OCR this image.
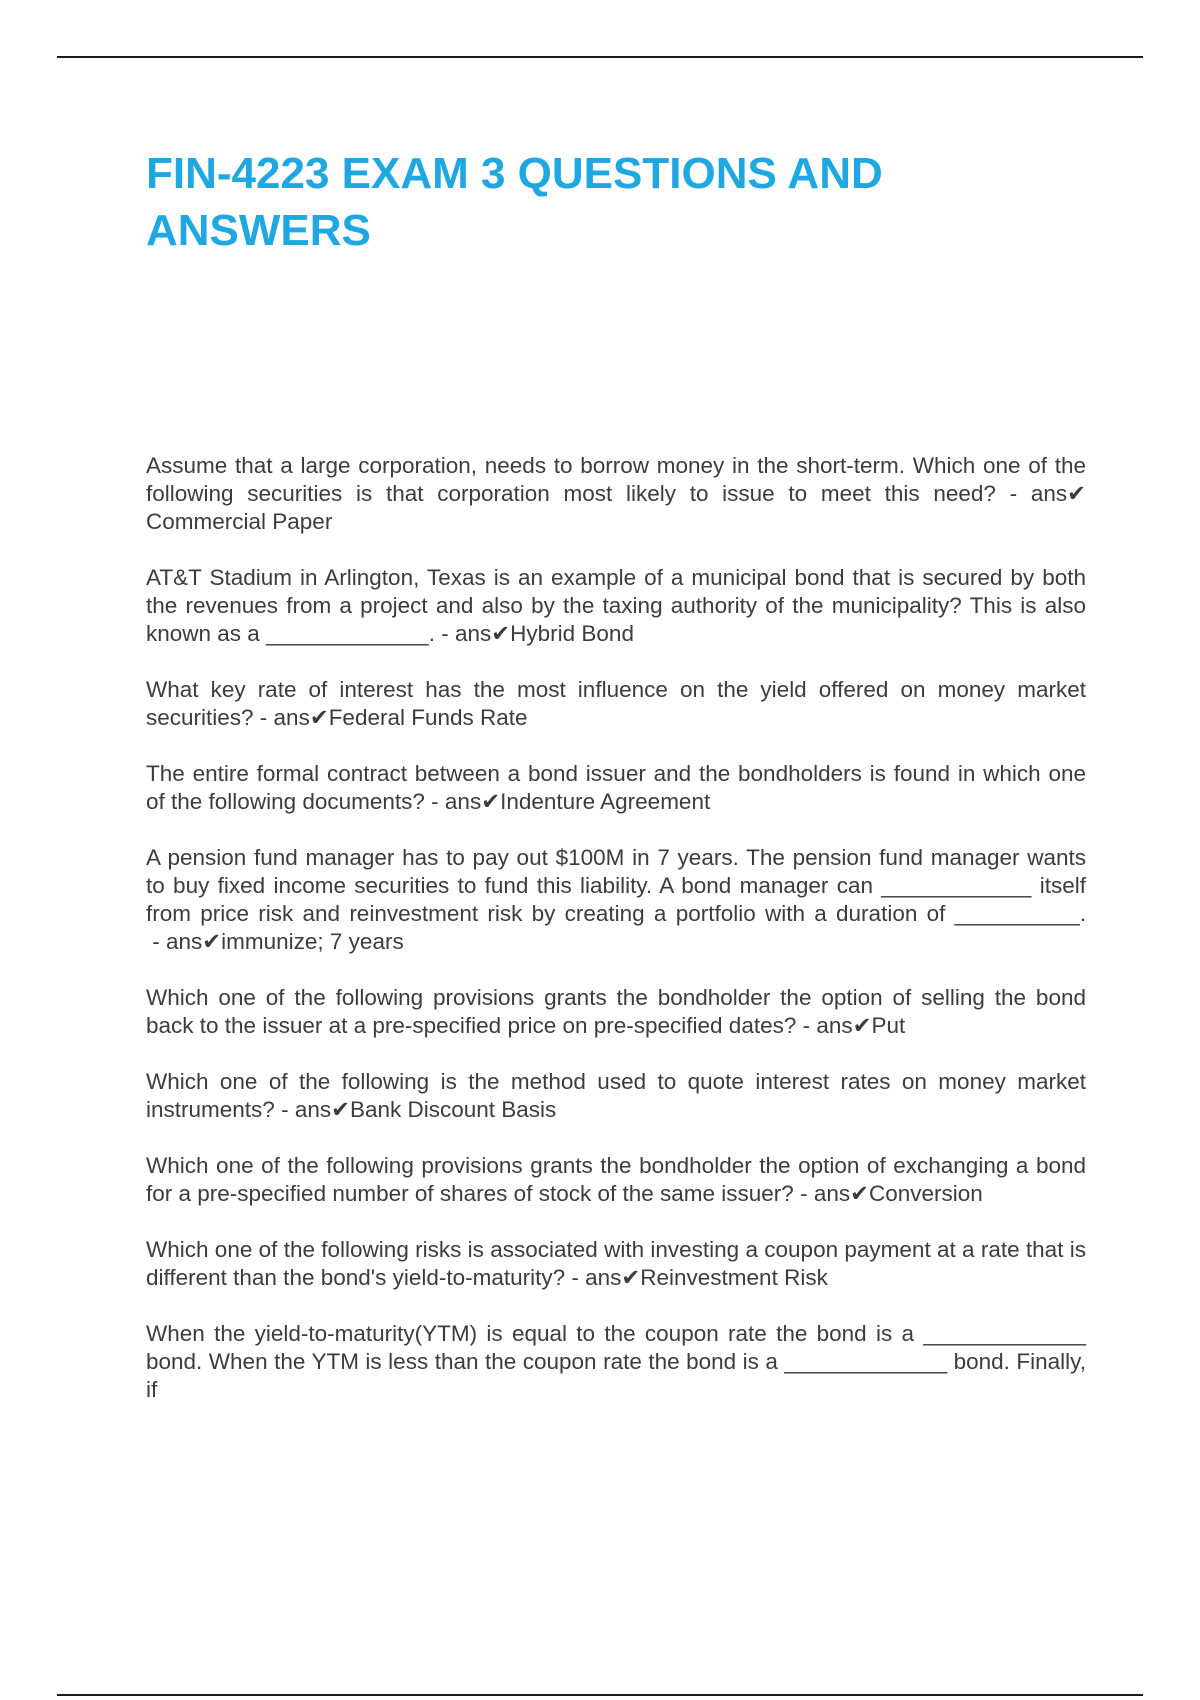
FIN-4223 EXAM 3 QUESTIONS AND ANSWERS

Assume that a large corporation, needs to borrow money in the short-term. Which one of the following securities is that corporation most likely to issue to meet this need? - ans✔Commercial Paper

AT&T Stadium in Arlington, Texas is an example of a municipal bond that is secured by both the revenues from a project and also by the taxing authority of the municipality? This is also known as a _____________. - ans✔Hybrid Bond

What key rate of interest has the most influence on the yield offered on money market securities? - ans✔Federal Funds Rate

The entire formal contract between a bond issuer and the bondholders is found in which one of the following documents? - ans✔Indenture Agreement

A pension fund manager has to pay out $100M in 7 years. The pension fund manager wants to buy fixed income securities to fund this liability. A bond manager can ____________ itself from price risk and reinvestment risk by creating a portfolio with a duration of __________. - ans✔immunize; 7 years

Which one of the following provisions grants the bondholder the option of selling the bond back to the issuer at a pre-specified price on pre-specified dates? - ans✔Put

Which one of the following is the method used to quote interest rates on money market instruments? - ans✔Bank Discount Basis

Which one of the following provisions grants the bondholder the option of exchanging a bond for a pre-specified number of shares of stock of the same issuer? - ans✔Conversion

Which one of the following risks is associated with investing a coupon payment at a rate that is different than the bond's yield-to-maturity? - ans✔Reinvestment Risk

When the yield-to-maturity(YTM) is equal to the coupon rate the bond is a _____________ bond. When the YTM is less than the coupon rate the bond is a _____________ bond. Finally, if
